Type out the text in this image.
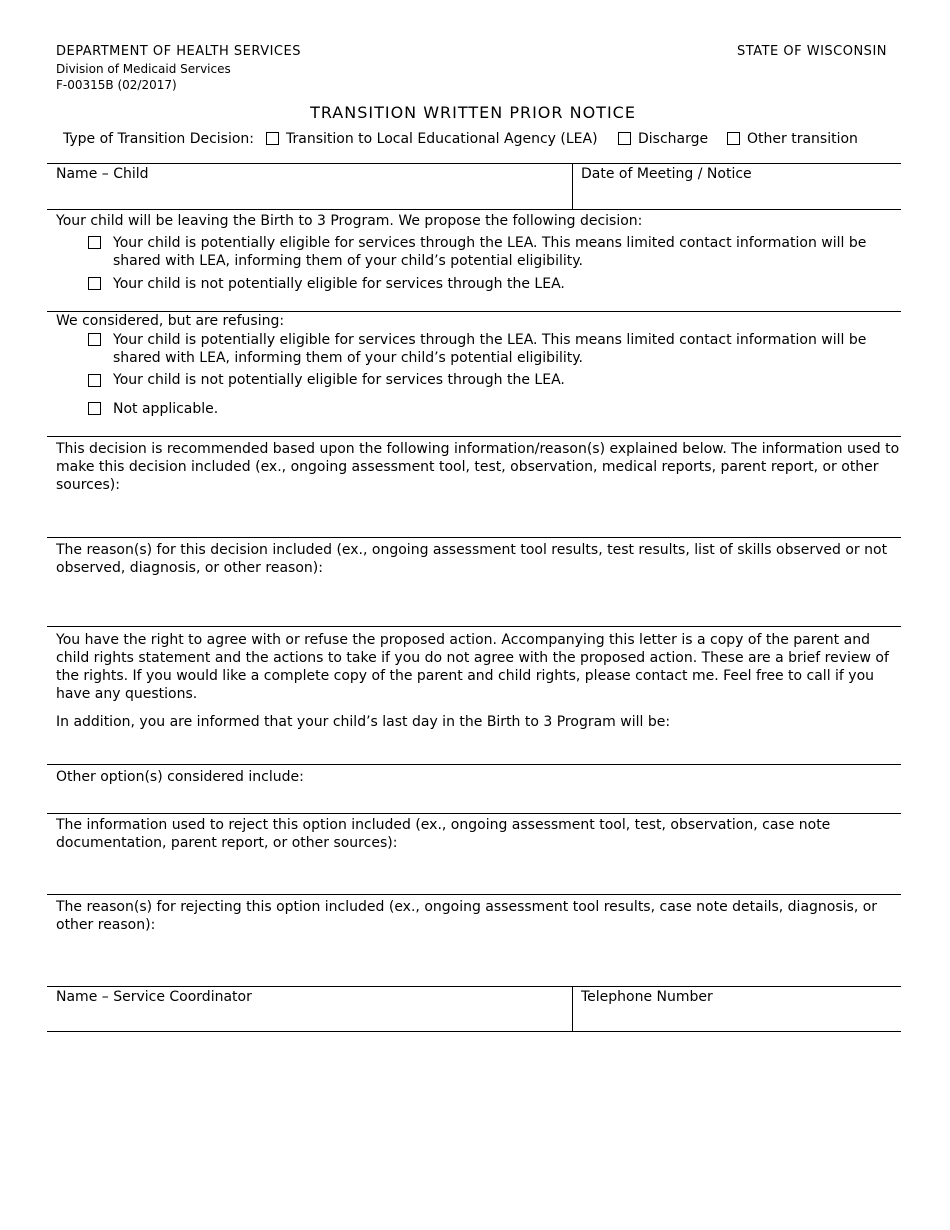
DEPARTMENT OF HEALTH SERVICES
Division of Medicaid Services
F-00315B (02/2017)
STATE OF WISCONSIN
TRANSITION WRITTEN PRIOR NOTICE
Type of Transition Decision: Transition to Local Educational Agency (LEA)	Discharge	Other transition
Name – Child	Date of Meeting / Notice
Your child will be leaving the Birth to 3 Program. We propose the following decision:
Your child is potentially eligible for services through the LEA. This means limited contact information will be
shared with LEA, informing them of your child’s potential eligibility.
Your child is not potentially eligible for services through the LEA.
We considered, but are refusing:
Your child is potentially eligible for services through the LEA. This means limited contact information will be
shared with LEA, informing them of your child’s potential eligibility.
Your child is not potentially eligible for services through the LEA.
Not applicable.
This decision is recommended based upon the following information/reason(s) explained below. The information used to make this decision included (ex., ongoing assessment tool, test, observation, medical reports, parent report, or other sources):
The reason(s) for this decision included (ex., ongoing assessment tool results, test results, list of skills observed or not observed, diagnosis, or other reason):
You have the right to agree with or refuse the proposed action. Accompanying this letter is a copy of the parent and child rights statement and the actions to take if you do not agree with the proposed action. These are a brief review of the rights. If you would like a complete copy of the parent and child rights, please contact me. Feel free to call if you have any questions.
In addition, you are informed that your child’s last day in the Birth to 3 Program will be:
Other option(s) considered include:
The information used to reject this option included (ex., ongoing assessment tool, test, observation, case note documentation, parent report, or other sources):
The reason(s) for rejecting this option included (ex., ongoing assessment tool results, case note details, diagnosis, or other reason):
Name – Service Coordinator	Telephone Number
